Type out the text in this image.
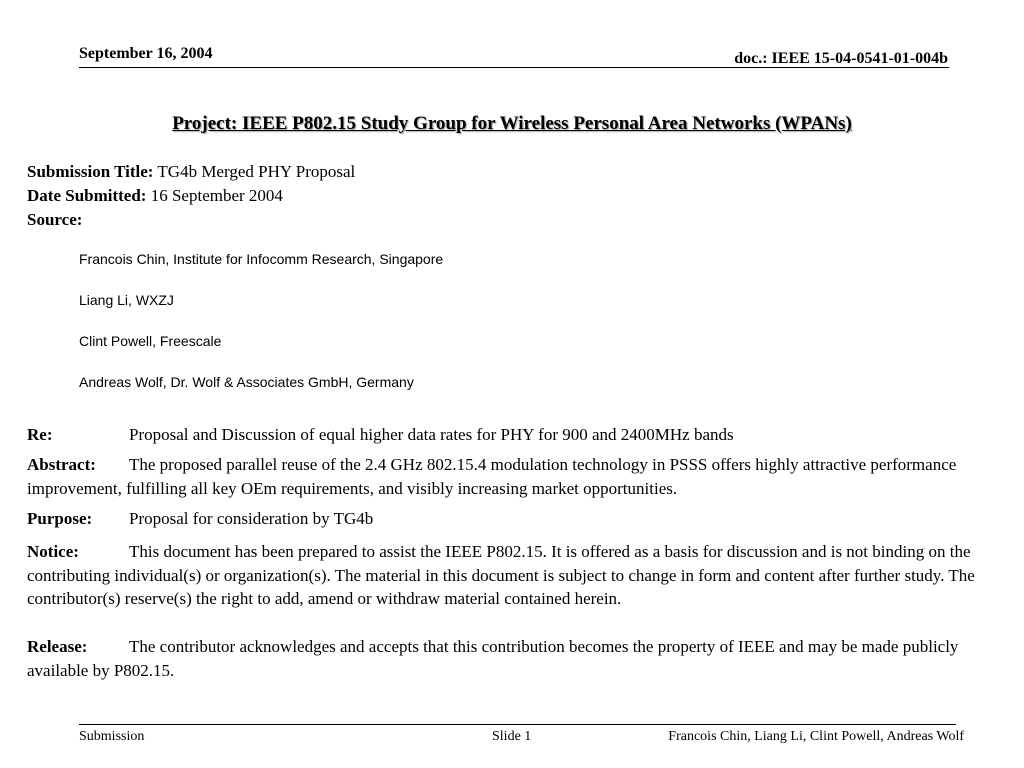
September 16, 2004	doc.: IEEE 15-04-0541-01-004b
Project: IEEE P802.15 Study Group for Wireless Personal Area Networks (WPANs)
Submission Title: TG4b Merged PHY Proposal
Date Submitted: 16 September 2004
Source:
Francois Chin, Institute for Infocomm Research, Singapore
Liang Li, WXZJ
Clint Powell, Freescale
Andreas Wolf, Dr. Wolf & Associates GmbH, Germany
Re:	Proposal and Discussion of equal higher data rates for PHY for 900 and 2400MHz bands
Abstract: The proposed parallel reuse of the 2.4 GHz 802.15.4 modulation technology in PSSS offers highly attractive performance improvement, fulfilling all key OEm requirements, and visibly increasing market opportunities.
Purpose: Proposal for consideration by TG4b
Notice:	This document has been prepared to assist the IEEE P802.15. It is offered as a basis for discussion and is not binding on the contributing individual(s) or organization(s). The material in this document is subject to change in form and content after further study. The contributor(s) reserve(s) the right to add, amend or withdraw material contained herein.
Release: The contributor acknowledges and accepts that this contribution becomes the property of IEEE and may be made publicly available by P802.15.
Submission	Slide 1	Francois Chin, Liang Li, Clint Powell, Andreas Wolf
